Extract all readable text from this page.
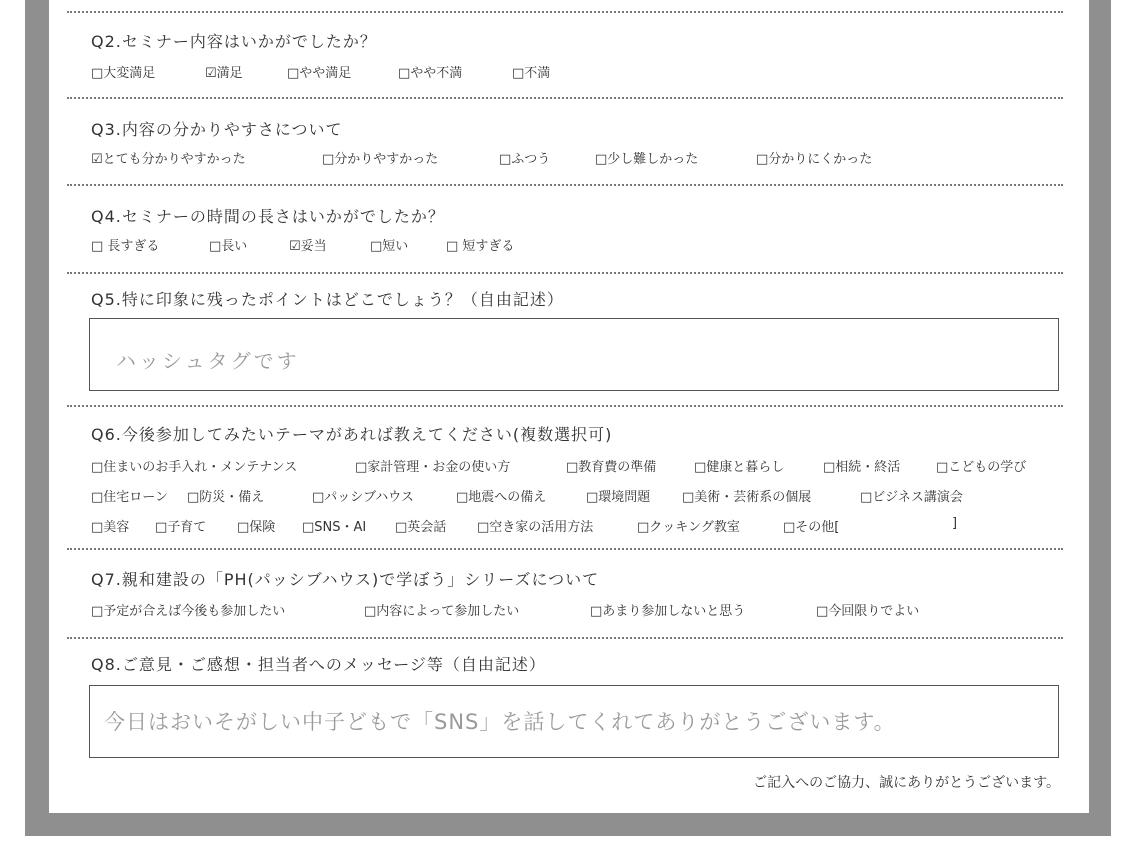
Q2.セミナー内容はいかがでしたか？
□大変満足	☑満足	□やや満足	□やや不満	□不満
Q3.内容の分かりやすさについて
☑とても分かりやすかった	□分かりやすかった	□ふつう	□少し難しかった	□分かりにくかった
Q4.セミナーの時間の長さはいかがでしたか？
□ 長すぎる	□長い	☑妥当	□短い	□ 短すぎる
Q5.特に印象に残ったポイントはどこでしょう？（自由記述）
ハッシュタグです
Q6.今後参加してみたいテーマがあれば教えてください(複数選択可)
□住まいのお手入れ・メンテナンス	□家計管理・お金の使い方	□教育費の準備	□健康と暮らし	□相続・終活	□こどもの学び
□住宅ローン □防災・備え	□パッシブハウス	□地震への備え	□環境問題 □美術・芸術系の個展	□ビジネス講演会
□美容 □子育て □保険 □SNS・AI □英会話 □空き家の活用方法	□クッキング教室	□その他[	]
Q7.親和建設の「PH(パッシブハウス)で学ぼう」シリーズについて
□予定が合えば今後も参加したい	□内容によって参加したい	□あまり参加しないと思う	□今回限りでよい
Q8.ご意見・ご感想・担当者へのメッセージ等（自由記述）
今日はおいそがしい中子どもで「SNS」を話してくれてありがとうございます。
ご記入へのご協力、誠にありがとうございます。
